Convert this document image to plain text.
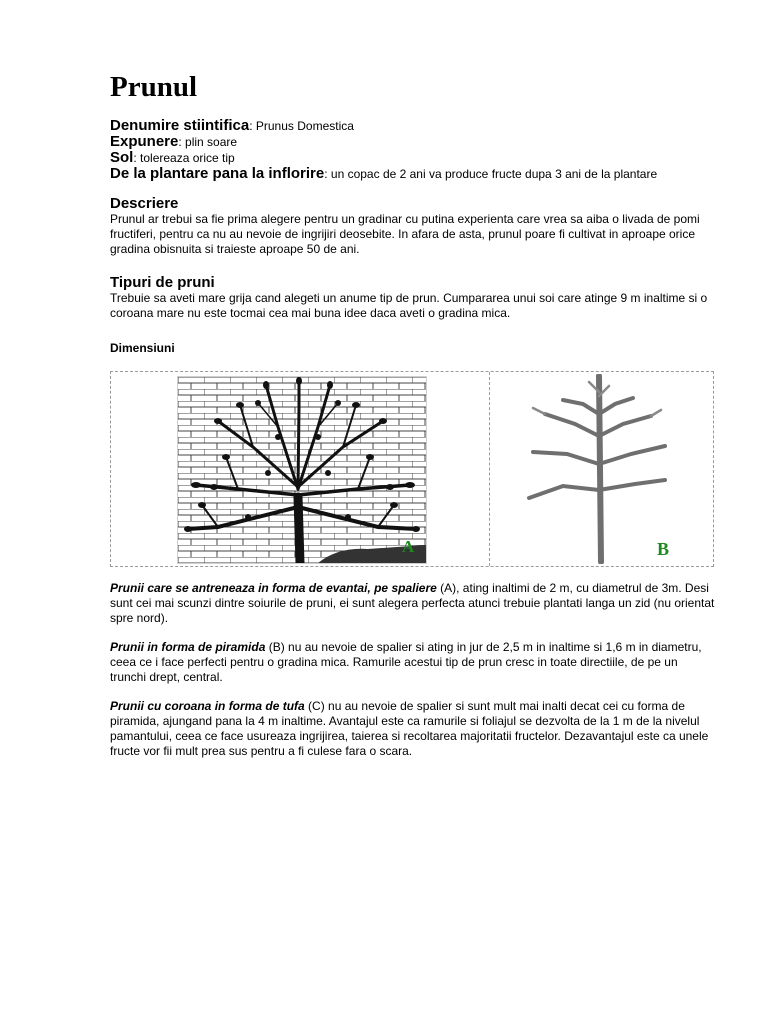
Prunul
Denumire stiintifica: Prunus Domestica
Expunere: plin soare
Sol: tolereaza orice tip
De la plantare pana la inflorire: un copac de 2 ani va produce fructe dupa 3 ani de la plantare
Descriere

Prunul ar trebui sa fie prima alegere pentru un gradinar cu putina experienta care vrea sa aiba o livada de pomi fructiferi, pentru ca nu au nevoie de ingrijiri deosebite. In afara de asta, prunul poare fi cultivat in aproape orice gradina obisnuita si traieste aproape 50 de ani.

Tipuri de pruni

Trebuie sa aveti mare grija cand alegeti un anume tip de prun. Cumpararea unui soi care atinge 9 m inaltime si o coroana mare nu este tocmai cea mai buna idee daca aveti o gradina mica.

Dimensiuni
A	B

Prunii care se antreneaza in forma de evantai, pe spaliere (A), ating inaltimi de 2 m, cu diametrul de 3m. Desi sunt cei mai scunzi dintre soiurile de pruni, ei sunt alegera perfecta atunci trebuie plantati langa un zid (nu orientat spre nord).

Prunii in forma de piramida (B) nu au nevoie de spalier si ating in jur de 2,5 m in inaltime si 1,6 m in diametru, ceea ce i face perfecti pentru o gradina mica. Ramurile acestui tip de prun cresc in toate directiile, de pe un trunchi drept, central.

Prunii cu coroana in forma de tufa (C) nu au nevoie de spalier si sunt mult mai inalti decat cei cu forma de piramida, ajungand pana la 4 m inaltime. Avantajul este ca ramurile si foliajul se dezvolta de la 1 m de la nivelul pamantului, ceea ce face usureaza ingrijirea, taierea si recoltarea majoritatii fructelor. Dezavantajul este ca unele fructe vor fii mult prea sus pentru a fi culese fara o scara.
